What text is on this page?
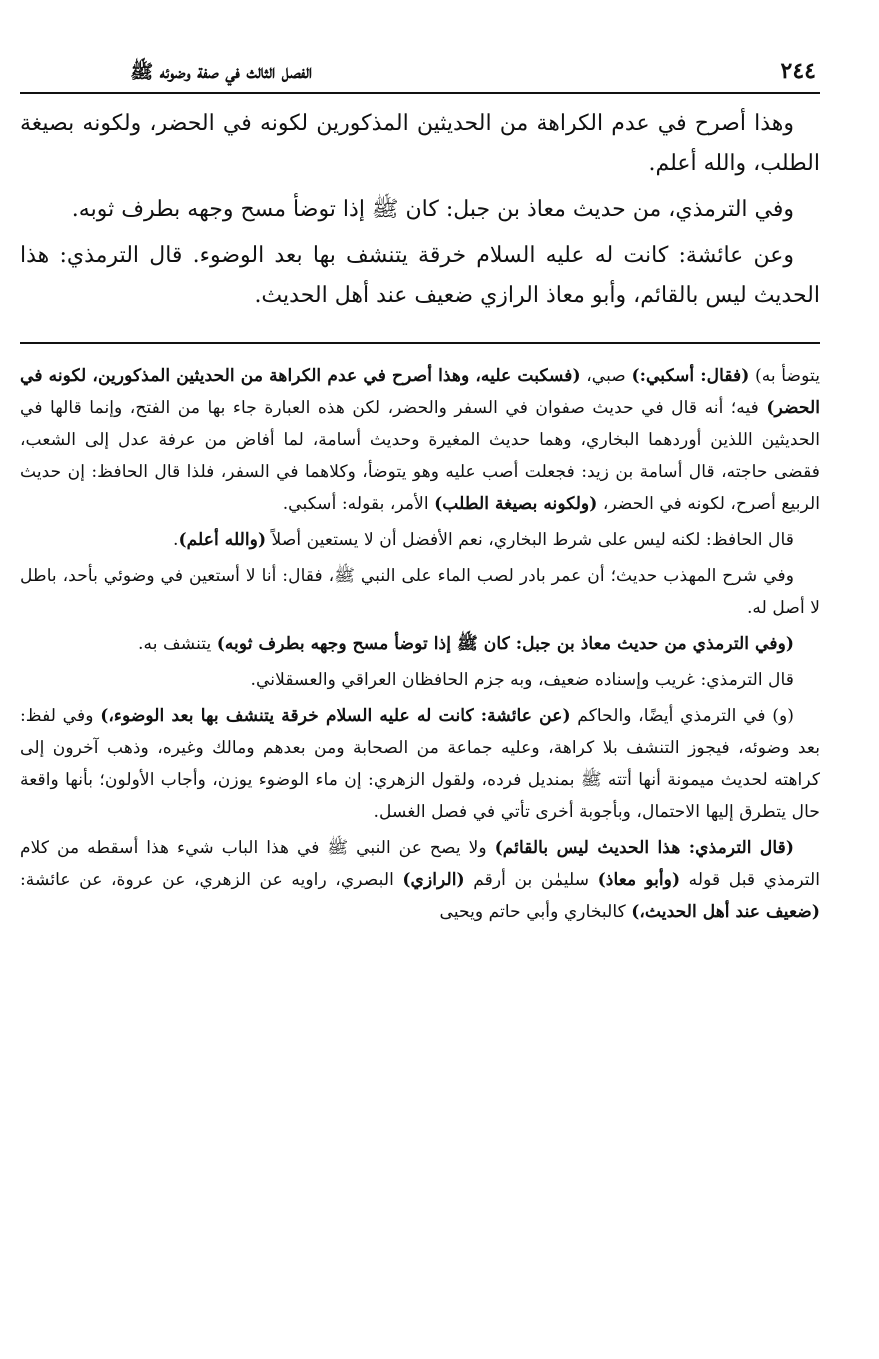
٢٤٤
الفصل الثالث في صفة وضوئه ﷺ

وهذا أصرح في عدم الكراهة من الحديثين المذكورين لكونه في الحضر، ولكونه بصيغة الطلب، والله أعلم.

وفي الترمذي، من حديث معاذ بن جبل: كان ﷺ إذا توضأ مسح وجهه بطرف ثوبه.

وعن عائشة: كانت له عليه السلام خرقة يتنشف بها بعد الوضوء. قال الترمذي: هذا الحديث ليس بالقائم، وأبو معاذ الرازي ضعيف عند أهل الحديث.

يتوضأ به) (فقال: أسكبي:) صبي، (فسكبت عليه، وهذا أصرح في عدم الكراهة من الحديثين المذكورين، لكونه في الحضر) فيه؛ أنه قال في حديث صفوان في السفر والحضر، لكن هذه العبارة جاء بها من الفتح، وإنما قالها في الحديثين اللذين أوردهما البخاري، وهما حديث المغيرة وحديث أسامة، لما أفاض من عرفة عدل إلى الشعب، فقضى حاجته، قال أسامة بن زيد: فجعلت أصب عليه وهو يتوضأ، وكلاهما في السفر، فلذا قال الحافظ: إن حديث الربيع أصرح، لكونه في الحضر، (ولكونه بصيغة الطلب) الأمر، بقوله: أسكبي.

قال الحافظ: لكنه ليس على شرط البخاري، نعم الأفضل أن لا يستعين أصلاً (والله أعلم).

وفي شرح المهذب حديث؛ أن عمر بادر لصب الماء على النبي ﷺ، فقال: أنا لا أستعين في وضوئي بأحد، باطل لا أصل له.

(وفي الترمذي من حديث معاذ بن جبل: كان ﷺ إذا توضأ مسح وجهه بطرف ثوبه) يتنشف به.

قال الترمذي: غريب وإسناده ضعيف، وبه جزم الحافظان العراقي والعسقلاني.

(و) في الترمذي أيضًا، والحاكم (عن عائشة: كانت له عليه السلام خرقة يتنشف بها بعد الوضوء،) وفي لفظ: بعد وضوئه، فيجوز التنشف بلا كراهة، وعليه جماعة من الصحابة ومن بعدهم ومالك وغيره، وذهب آخرون إلى كراهته لحديث ميمونة أنها أتته ﷺ بمنديل فرده، ولقول الزهري: إن ماء الوضوء يوزن، وأجاب الأولون؛ بأنها واقعة حال يتطرق إليها الاحتمال، وبأجوبة أخرى تأتي في فصل الغسل.

(قال الترمذي: هذا الحديث ليس بالقائم) ولا يصح عن النبي ﷺ في هذا الباب شيء هذا أسقطه من كلام الترمذي قبل قوله (وأبو معاذ) سليمٰن بن أرقم (الرازي) البصري، راويه عن الزهري، عن عروة، عن عائشة: (ضعيف عند أهل الحديث،) كالبخاري وأبي حاتم ويحيى
